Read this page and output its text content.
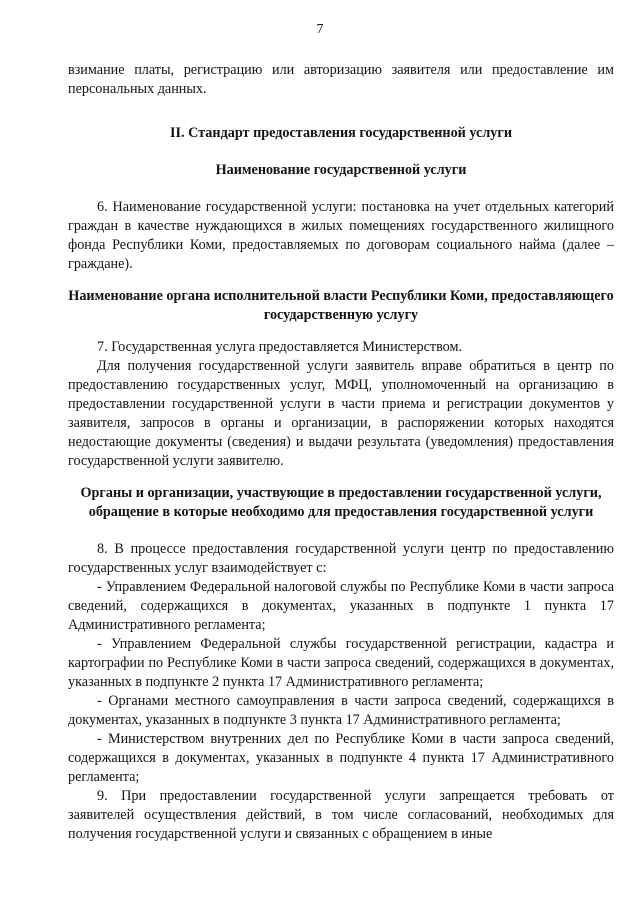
7

взимание платы, регистрацию или авторизацию заявителя или предоставление им персональных данных.

II. Стандарт предоставления государственной услуги
Наименование государственной услуги

6. Наименование государственной услуги: постановка на учет отдельных категорий граждан в качестве нуждающихся в жилых помещениях государственного жилищного фонда Республики Коми, предоставляемых по договорам социального найма (далее – граждане).

Наименование органа исполнительной власти Республики Коми, предоставляющего государственную услугу

7. Государственная услуга предоставляется Министерством.

Для получения государственной услуги заявитель вправе обратиться в центр по предоставлению государственных услуг, МФЦ, уполномоченный на организацию в предоставлении государственной услуги в части приема и регистрации документов у заявителя, запросов в органы и организации, в распоряжении которых находятся недостающие документы (сведения) и выдачи результата (уведомления) предоставления государственной услуги заявителю.

Органы и организации, участвующие в предоставлении государственной услуги, обращение в которые необходимо для предоставления государственной услуги

8. В процессе предоставления государственной услуги центр по предоставлению государственных услуг взаимодействует с:

- Управлением Федеральной налоговой службы по Республике Коми в части запроса сведений, содержащихся в документах, указанных в подпункте 1 пункта 17 Административного регламента;

- Управлением Федеральной службы государственной регистрации, кадастра и картографии по Республике Коми в части запроса сведений, содержащихся в документах, указанных в подпункте 2 пункта 17 Административного регламента;

- Органами местного самоуправления в части запроса сведений, содержащихся в документах, указанных в подпункте 3 пункта 17 Административного регламента;

- Министерством внутренних дел по Республике Коми в части запроса сведений, содержащихся в документах, указанных в подпункте 4 пункта 17 Административного регламента;

9. При предоставлении государственной услуги запрещается требовать от заявителей осуществления действий, в том числе согласований, необходимых для получения государственной услуги и связанных с обращением в иные
